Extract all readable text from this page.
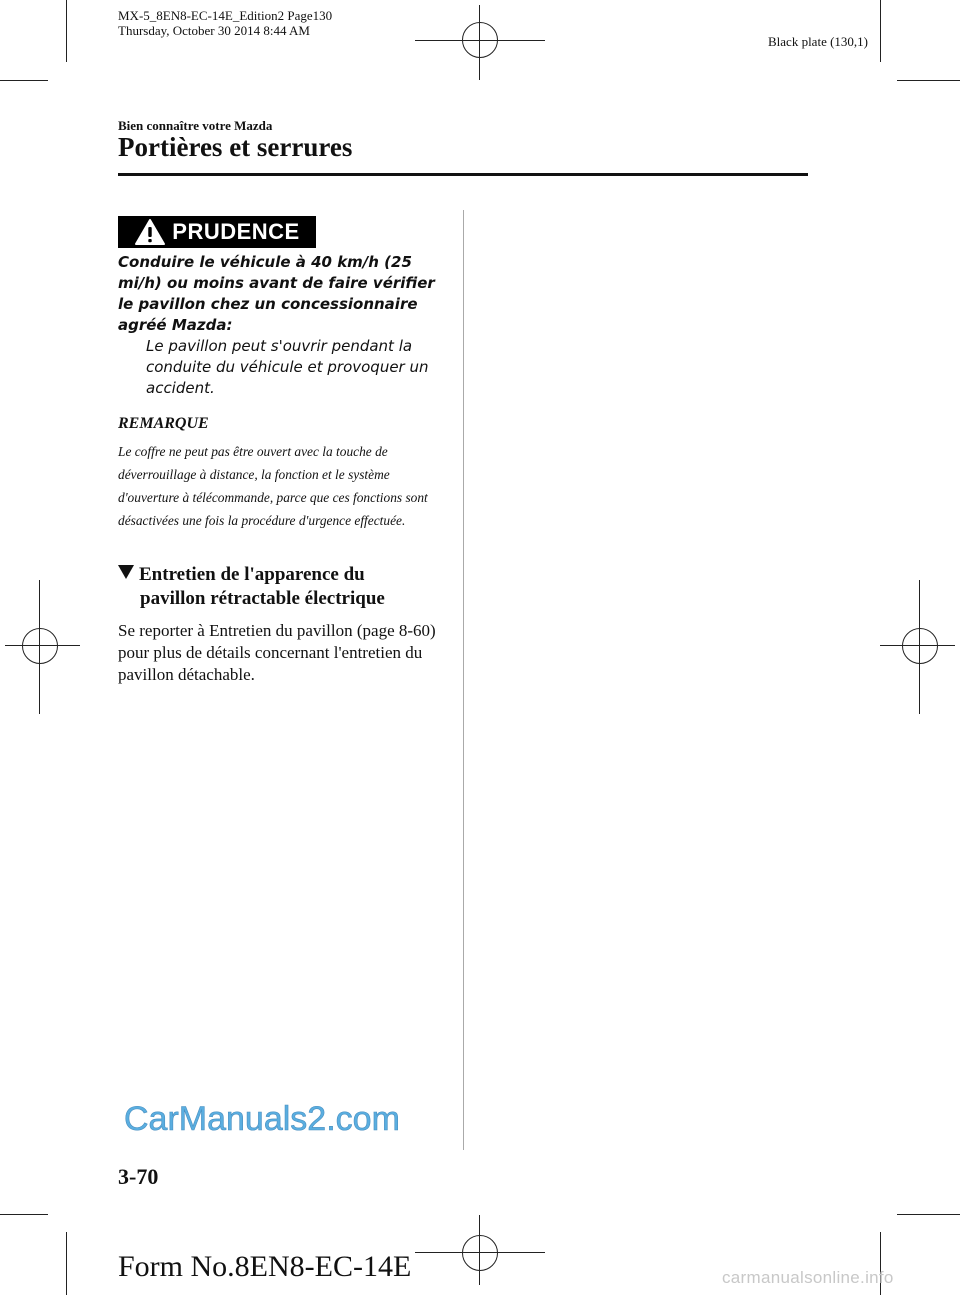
MX-5_8EN8-EC-14E_Edition2 Page130
Thursday, October 30 2014 8:44 AM
Black plate (130,1)
Bien connaître votre Mazda
Portières et serrures
PRUDENCE
Conduire le véhicule à 40 km/h (25 mi/h) ou moins avant de faire vérifier le pavillon chez un concessionnaire agréé Mazda:
Le pavillon peut s'ouvrir pendant la conduite du véhicule et provoquer un accident.
REMARQUE
Le coffre ne peut pas être ouvert avec la touche de déverrouillage à distance, la fonction et le système d'ouverture à télécommande, parce que ces fonctions sont désactivées une fois la procédure d'urgence effectuée.
Entretien de l'apparence du
pavillon rétractable électrique
Se reporter à Entretien du pavillon (page 8-60) pour plus de détails concernant l'entretien du pavillon détachable.
CarManuals2.com
3-70
Form No.8EN8-EC-14E	carmanualsonline.info
